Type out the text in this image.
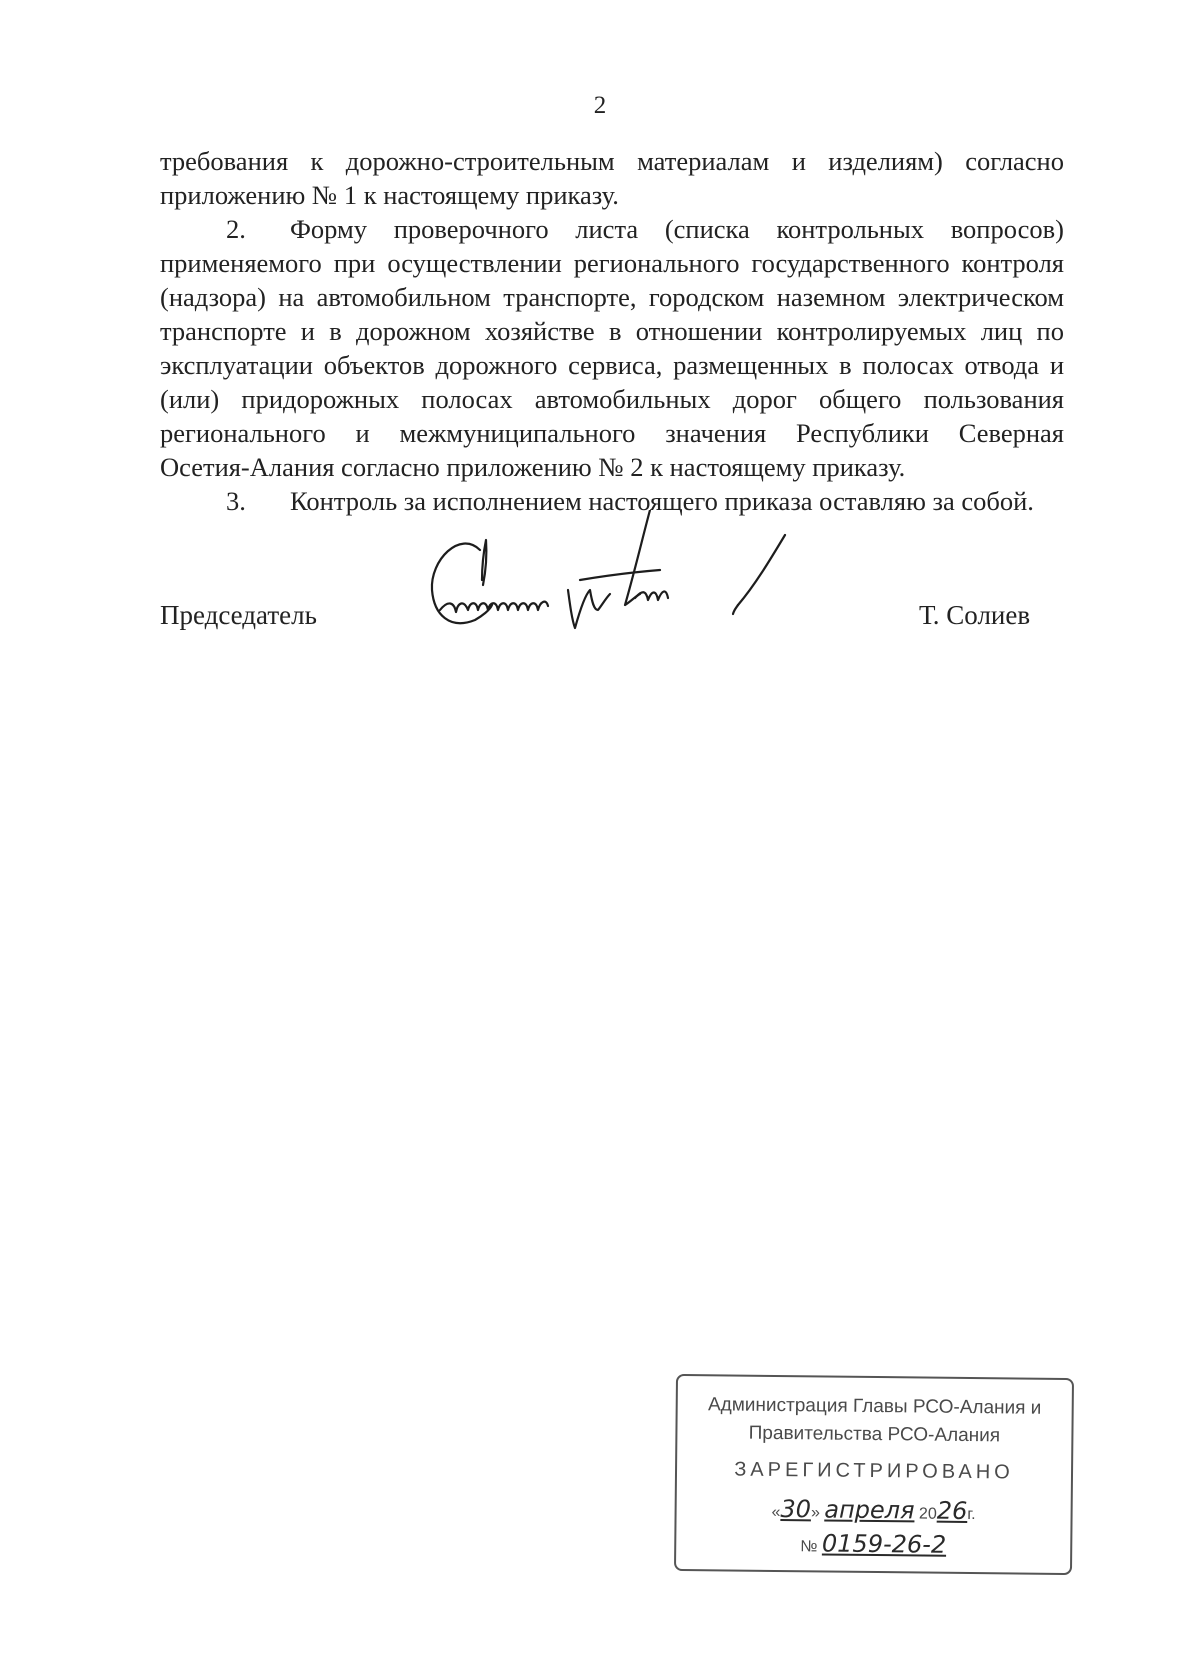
2
требования к дорожно-строительным материалам и изделиям) согласно
приложению № 1 к настоящему приказу.
2. Форму проверочного листа (списка контрольных вопросов)
применяемого при осуществлении регионального государственного контроля
(надзора) на автомобильном транспорте, городском наземном электрическом
транспорте и в дорожном хозяйстве в отношении контролируемых лиц по
эксплуатации объектов дорожного сервиса, размещенных в полосах отвода и
(или) придорожных полосах автомобильных дорог общего пользования
регионального и межмуниципального значения Республики Северная
Осетия-Алания согласно приложению № 2 к настоящему приказу.
3. Контроль за исполнением настоящего приказа оставляю за собой.
Председатель	Т. Солиев
Администрация Главы РСО-Алания и
Правительства РСО-Алания
ЗАРЕГИСТРИРОВАНО
«30» апреля 2026г.
№ 0159-26-2
